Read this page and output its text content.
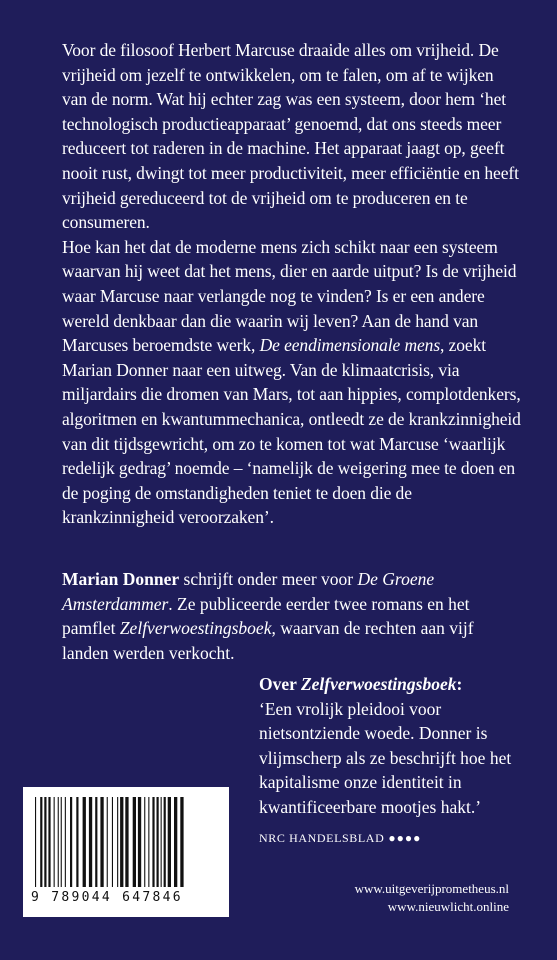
Voor de filosoof Herbert Marcuse draaide alles om vrijheid. De vrijheid om jezelf te ontwikkelen, om te falen, om af te wijken van de norm. Wat hij echter zag was een systeem, door hem ‘het technologisch productieapparaat’ genoemd, dat ons steeds meer reduceert tot raderen in de machine. Het apparaat jaagt op, geeft nooit rust, dwingt tot meer productiviteit, meer efficiëntie en heeft vrijheid gereduceerd tot de vrijheid om te produceren en te consumeren.

Hoe kan het dat de moderne mens zich schikt naar een systeem waarvan hij weet dat het mens, dier en aarde uitput? Is de vrijheid waar Marcuse naar verlangde nog te vinden? Is er een andere wereld denkbaar dan die waarin wij leven? Aan de hand van Marcuses beroemdste werk, De eendimensionale mens, zoekt Marian Donner naar een uitweg. Van de klimaatcrisis, via miljardairs die dromen van Mars, tot aan hippies, complotdenkers, algoritmen en kwantummechanica, ontleedt ze de krankzinnigheid van dit tijdsgewricht, om zo te komen tot wat Marcuse ‘waarlijk redelijk gedrag’ noemde – ‘namelijk de weigering mee te doen en de poging de omstandigheden teniet te doen die de krankzinnigheid veroorzaken’.

Marian Donner schrijft onder meer voor De Groene Amsterdammer. Ze publiceerde eerder twee romans en het pamflet Zelfverwoestingsboek, waarvan de rechten aan vijf landen werden verkocht.

Over Zelfverwoestingsboek:

‘Een vrolijk pleidooi voor nietsontziende woede. Donner is vlijmscherp als ze beschrijft hoe het kapitalisme onze identiteit in kwantificeerbare mootjes hakt.’

NRC HANDELSBLAD ●●●●
9 789044 647846
www.uitgeverijprometheus.nl
www.nieuwlicht.online
